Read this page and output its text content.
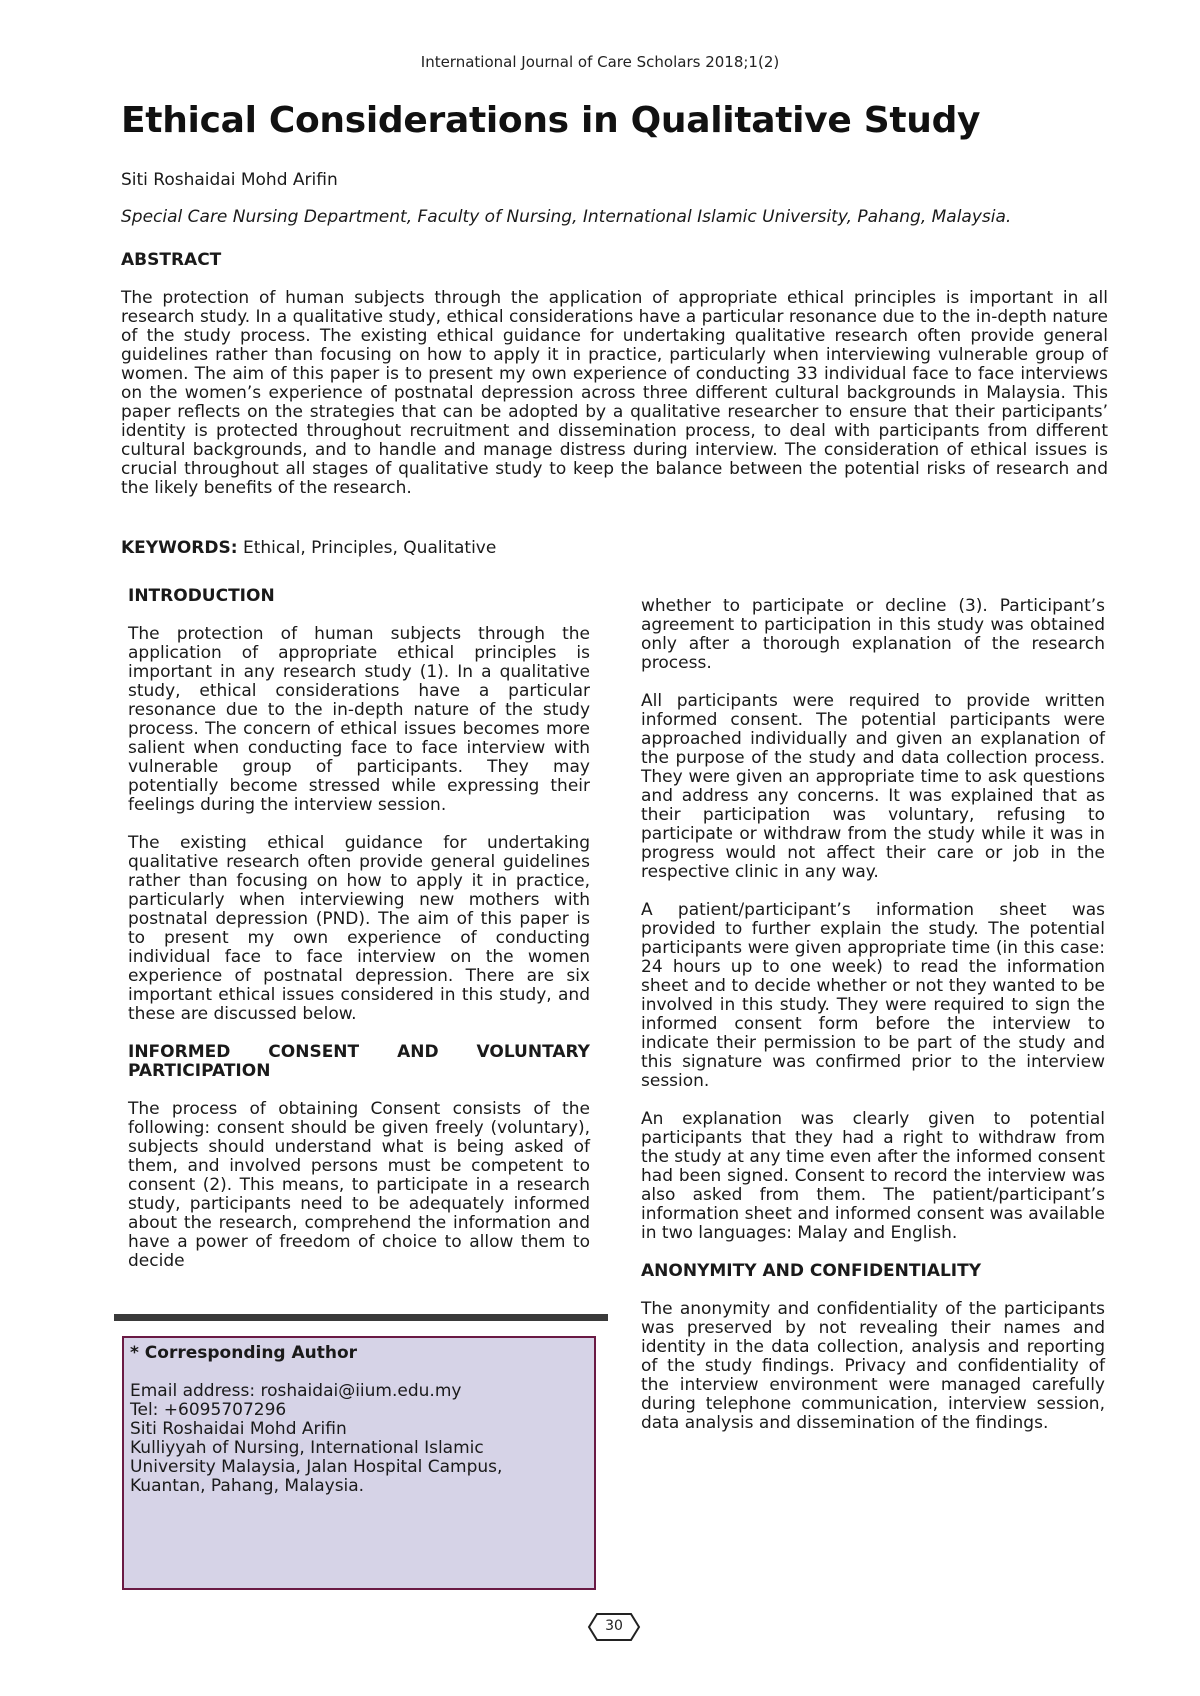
International Journal of Care Scholars 2018;1(2)
Ethical Considerations in Qualitative Study
Siti Roshaidai Mohd Arifin
Special Care Nursing Department, Faculty of Nursing, International Islamic University, Pahang, Malaysia.
ABSTRACT

The protection of human subjects through the application of appropriate ethical principles is important in all research study. In a qualitative study, ethical considerations have a particular resonance due to the in-depth nature of the study process. The existing ethical guidance for undertaking qualitative research often provide general guidelines rather than focusing on how to apply it in practice, particularly when interviewing vulnerable group of women. The aim of this paper is to present my own experience of conducting 33 individual face to face interviews on the women’s experience of postnatal depression across three different cultural backgrounds in Malaysia. This paper reflects on the strategies that can be adopted by a qualitative researcher to ensure that their participants’ identity is protected throughout recruitment and dissemination process, to deal with participants from different cultural backgrounds, and to handle and manage distress during interview. The consideration of ethical issues is crucial throughout all stages of qualitative study to keep the balance between the potential risks of research and the likely benefits of the research.

KEYWORDS: Ethical, Principles, Qualitative

INTRODUCTION

The protection of human subjects through the application of appropriate ethical principles is important in any research study (1). In a qualitative study, ethical considerations have a particular resonance due to the in-depth nature of the study process. The concern of ethical issues becomes more salient when conducting face to face interview with vulnerable group of participants. They may potentially become stressed while expressing their feelings during the interview session.

The existing ethical guidance for undertaking qualitative research often provide general guidelines rather than focusing on how to apply it in practice, particularly when interviewing new mothers with postnatal depression (PND). The aim of this paper is to present my own experience of conducting individual face to face interview on the women experience of postnatal depression. There are six important ethical issues considered in this study, and these are discussed below.

INFORMED CONSENT AND VOLUNTARY PARTICIPATION

The process of obtaining Consent consists of the following: consent should be given freely (voluntary), subjects should understand what is being asked of them, and involved persons must be competent to consent (2). This means, to participate in a research study, participants need to be adequately informed about the research, comprehend the information and have a power of freedom of choice to allow them to decide

* Corresponding Author
Email address: roshaidai@iium.edu.my
Tel: +6095707296
Siti Roshaidai Mohd Arifin
Kulliyyah of Nursing, International Islamic
University Malaysia, Jalan Hospital Campus,
Kuantan, Pahang, Malaysia.

whether to participate or decline (3). Participant’s agreement to participation in this study was obtained only after a thorough explanation of the research process.

All participants were required to provide written informed consent. The potential participants were approached individually and given an explanation of the purpose of the study and data collection process. They were given an appropriate time to ask questions and address any concerns. It was explained that as their participation was voluntary, refusing to participate or withdraw from the study while it was in progress would not affect their care or job in the respective clinic in any way.

A patient/participant’s information sheet was provided to further explain the study. The potential participants were given appropriate time (in this case: 24 hours up to one week) to read the information sheet and to decide whether or not they wanted to be involved in this study. They were required to sign the informed consent form before the interview to indicate their permission to be part of the study and this signature was confirmed prior to the interview session.

An explanation was clearly given to potential participants that they had a right to withdraw from the study at any time even after the informed consent had been signed. Consent to record the interview was also asked from them. The patient/participant’s information sheet and informed consent was available in two languages: Malay and English.

ANONYMITY AND CONFIDENTIALITY

The anonymity and confidentiality of the participants was preserved by not revealing their names and identity in the data collection, analysis and reporting of the study findings. Privacy and confidentiality of the interview environment were managed carefully during telephone communication, interview session, data analysis and dissemination of the findings.

30
